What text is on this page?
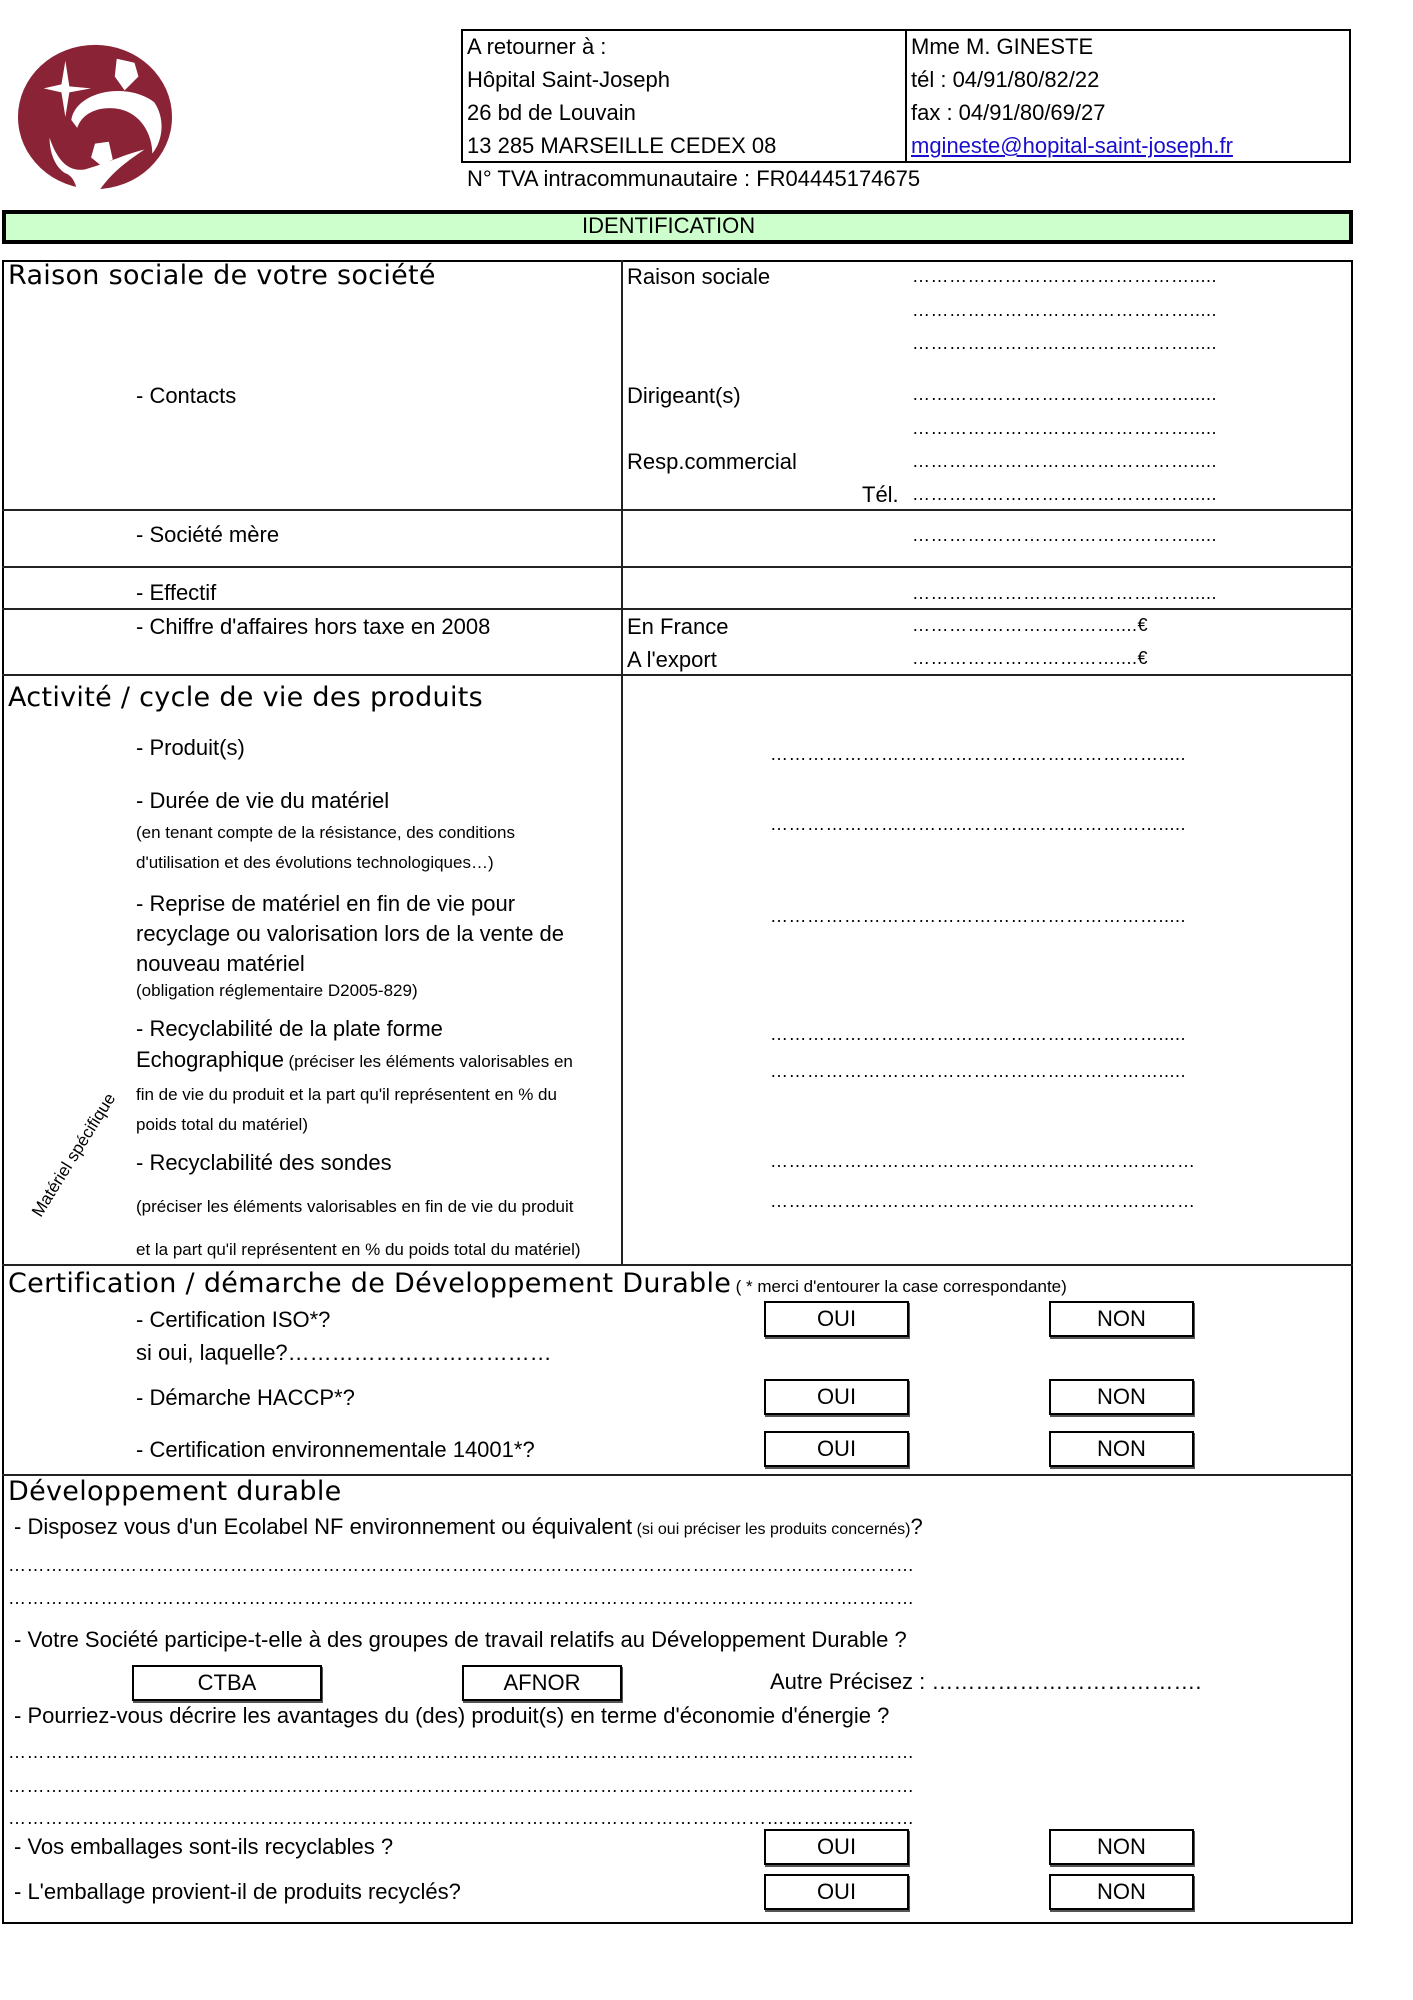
A retourner à :
Hôpital Saint-Joseph
26 bd de Louvain
13 285 MARSEILLE CEDEX 08
Mme M. GINESTE
tél : 04/91/80/82/22
fax : 04/91/80/69/27
mgineste@hopital-saint-joseph.fr
N° TVA intracommunautaire : FR04445174675
IDENTIFICATION
Raison sociale de votre société	Raison sociale	……………………………………….....
……………………………………….....
……………………………………….....
- Contacts	Dirigeant(s)	……………………………………….....
……………………………………….....
Resp.commercial	……………………………………….....
Tél. ……………………………………….....
- Société mère	……………………………………….....
- Effectif	……………………………………….....
- Chiffre d'affaires hors taxe en 2008	En France	……………………………....€
A l'export	……………………………....€
Activité / cycle de vie des produits
- Produit(s)	……………………………………………………….....
- Durée de vie du matériel
(en tenant compte de la résistance, des conditions
d'utilisation et des évolutions technologiques…)
……………………………………………………….....
- Reprise de matériel en fin de vie pour
recyclage ou valorisation lors de la vente de
nouveau matériel
(obligation réglementaire D2005-829)
……………………………………………………….....
- Recyclabilité de la plate forme
Echographique (préciser les éléments valorisables en
fin de vie du produit et la part qu'il représentent en % du
poids total du matériel)
……………………………………………………….....
……………………………………………………….....
- Recyclabilité des sondes
(préciser les éléments valorisables en fin de vie du produit
et la part qu'il représentent en % du poids total du matériel)
……………………………………………………………
……………………………………………………………
Matériel spécifique
Certification / démarche de Développement Durable ( * merci d'entourer la case correspondante)
- Certification ISO*?	OUI	NON
si oui, laquelle?………………………………
- Démarche HACCP*?	OUI	NON
- Certification environnementale 14001*?	OUI	NON
Développement durable
- Disposez vous d'un Ecolabel NF environnement ou équivalent (si oui préciser les produits concernés)?
…………………………………………………………………………………………………………………………………
…………………………………………………………………………………………………………………………………
- Votre Société participe-t-elle à des groupes de travail relatifs au Développement Durable ?
CTBA	AFNOR	Autre Précisez : ……………………………….
- Pourriez-vous décrire les avantages du (des) produit(s) en terme d'économie d'énergie ?
…………………………………………………………………………………………………………………………………
…………………………………………………………………………………………………………………………………
…………………………………………………………………………………………………………………………………
- Vos emballages sont-ils recyclables ?	OUI	NON
- L'emballage provient-il de produits recyclés?	OUI	NON
